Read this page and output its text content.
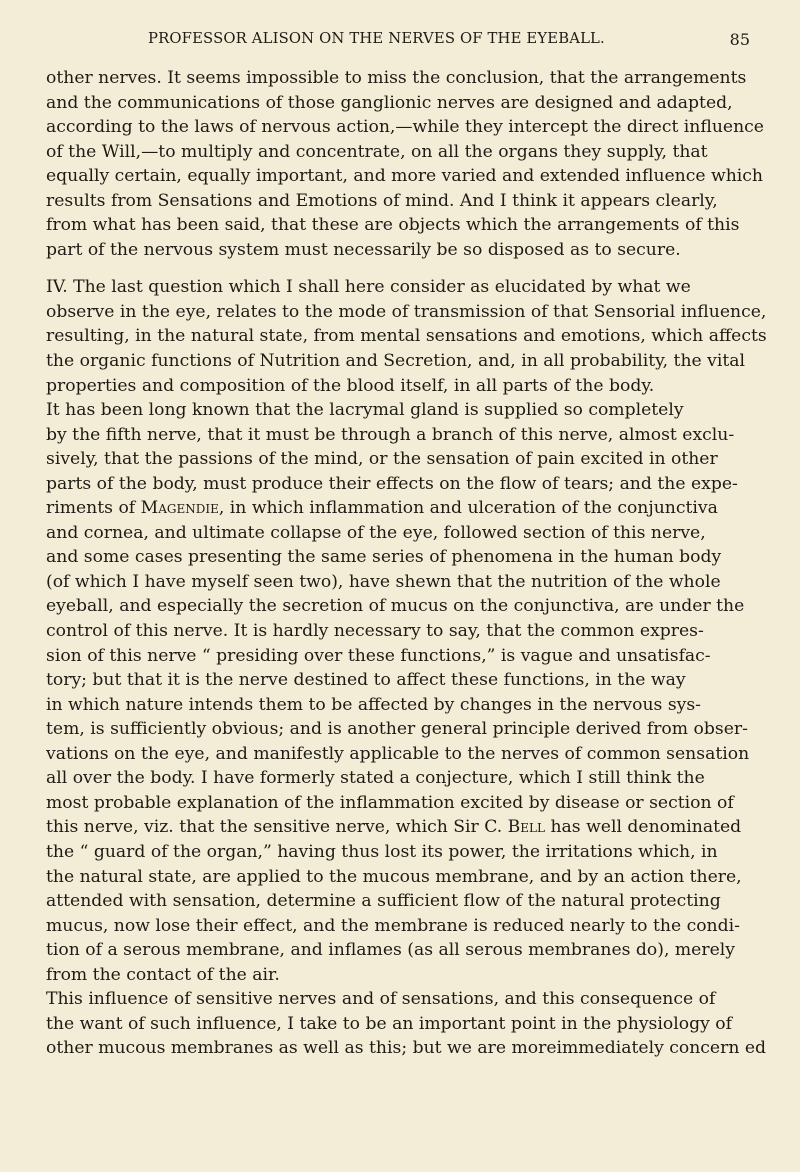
PROFESSOR ALISON ON THE NERVES OF THE EYEBALL.	85
other nerves. It seems impossible to miss the conclusion, that the arrangements
and the communications of those ganglionic nerves are designed and adapted,
according to the laws of nervous action,—while they intercept the direct influence
of the Will,—to multiply and concentrate, on all the organs they supply, that
equally certain, equally important, and more varied and extended influence which
results from Sensations and Emotions of mind. And I think it appears clearly,
from what has been said, that these are objects which the arrangements of this
part of the nervous system must necessarily be so disposed as to secure.
IV. The last question which I shall here consider as elucidated by what we
observe in the eye, relates to the mode of transmission of that Sensorial influence,
resulting, in the natural state, from mental sensations and emotions, which affects
the organic functions of Nutrition and Secretion, and, in all probability, the vital
properties and composition of the blood itself, in all parts of the body.
It has been long known that the lacrymal gland is supplied so completely
by the fifth nerve, that it must be through a branch of this nerve, almost exclu-
sively, that the passions of the mind, or the sensation of pain excited in other
parts of the body, must produce their effects on the flow of tears; and the expe-
riments of Magendie, in which inflammation and ulceration of the conjunctiva
and cornea, and ultimate collapse of the eye, followed section of this nerve,
and some cases presenting the same series of phenomena in the human body
(of which I have myself seen two), have shewn that the nutrition of the whole
eyeball, and especially the secretion of mucus on the conjunctiva, are under the
control of this nerve. It is hardly necessary to say, that the common expres-
sion of this nerve “ presiding over these functions,” is vague and unsatisfac-
tory; but that it is the nerve destined to affect these functions, in the way
in which nature intends them to be affected by changes in the nervous sys-
tem, is sufficiently obvious; and is another general principle derived from obser-
vations on the eye, and manifestly applicable to the nerves of common sensation
all over the body. I have formerly stated a conjecture, which I still think the
most probable explanation of the inflammation excited by disease or section of
this nerve, viz. that the sensitive nerve, which Sir C. Bell has well denominated
the “ guard of the organ,” having thus lost its power, the irritations which, in
the natural state, are applied to the mucous membrane, and by an action there,
attended with sensation, determine a sufficient flow of the natural protecting
mucus, now lose their effect, and the membrane is reduced nearly to the condi-
tion of a serous membrane, and inflames (as all serous membranes do), merely
from the contact of the air.
This influence of sensitive nerves and of sensations, and this consequence of
the want of such influence, I take to be an important point in the physiology of
other mucous membranes as well as this; but we are moreimmediately concern ed
